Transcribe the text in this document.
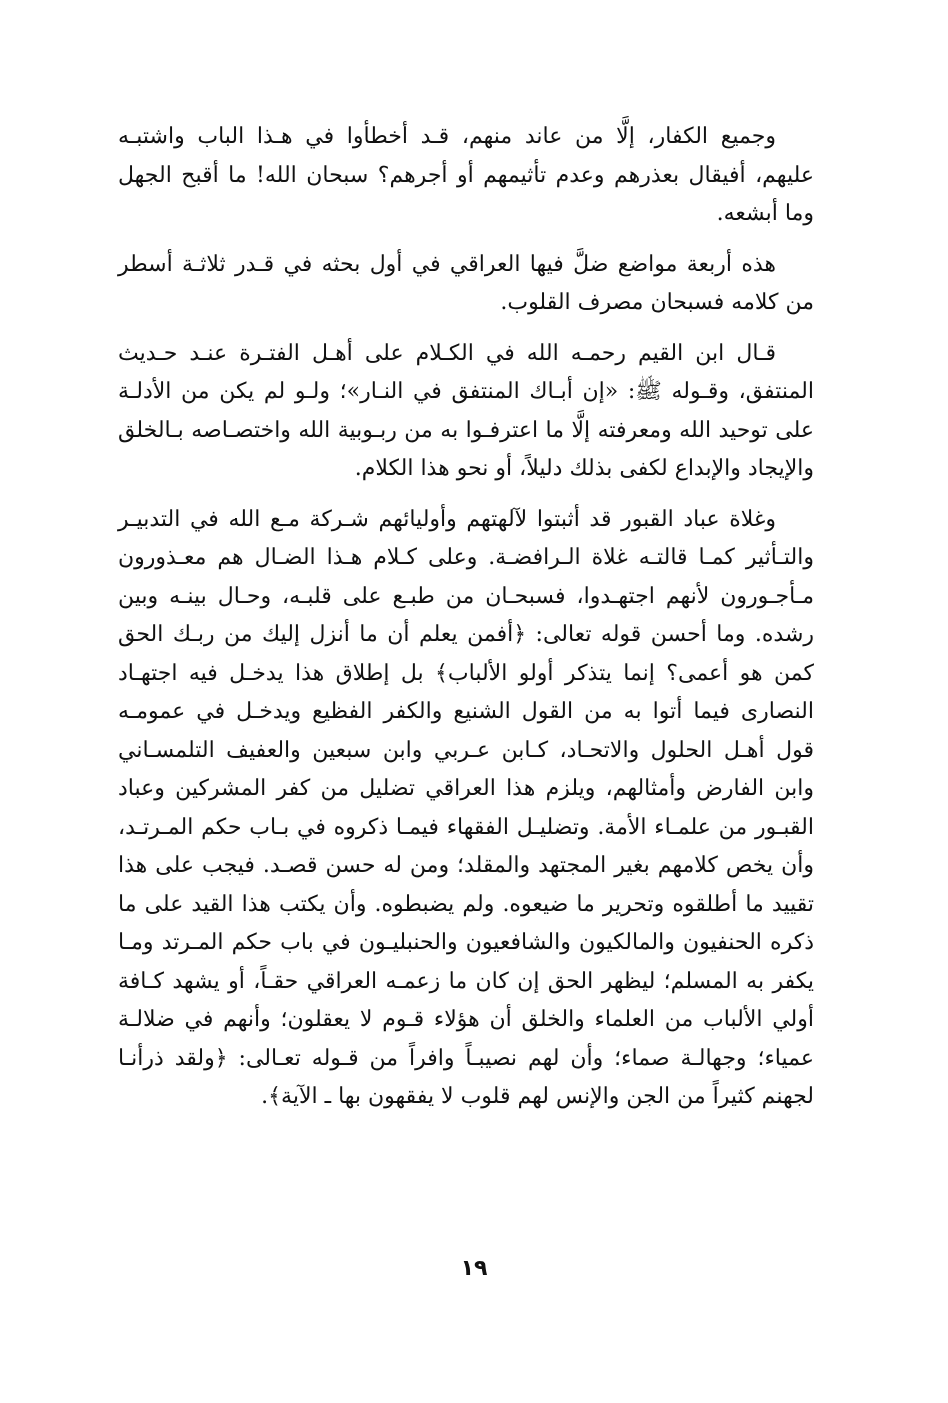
وجميع الكفار، إلَّا من عاند منهم، قـد أخطأوا في هـذا الباب واشتبـه عليهم، أفيقال بعذرهم وعدم تأثيمهم أو أجرهم؟ سبحان الله! ما أقبح الجهل وما أبشعه.

هذه أربعة مواضع ضلَّ فيها العراقي في أول بحثه في قـدر ثلاثـة أسطر من كلامه فسبحان مصرف القلوب.

قـال ابن القيم رحمـه الله في الكـلام على أهـل الفتـرة عنـد حـديث المنتفق، وقـوله ﷺ: «إن أبـاك المنتفق في النـار»؛ ولـو لم يكن من الأدلـة على توحيد الله ومعرفته إلَّا ما اعترفـوا به من ربـوبية الله واختصـاصه بـالخلق والإيجاد والإبداع لكفى بذلك دليلاً، أو نحو هذا الكلام.

وغلاة عباد القبور قد أثبتوا لآلهتهم وأوليائهم شـركة مـع الله في التدبيـر والتـأثير كمـا قالتـه غلاة الـرافضـة. وعلى كـلام هـذا الضـال هم معـذورون مـأجـورون لأنهم اجتهـدوا، فسبحـان من طبـع على قلبـه، وحـال بينـه وبين رشده. وما أحسن قوله تعالى: ﴿أفمن يعلم أن ما أنزل إليك من ربـك الحق كمن هو أعمى؟ إنما يتذكر أولو الألباب﴾ بل إطلاق هذا يدخـل فيه اجتهـاد النصارى فيما أتوا به من القول الشنيع والكفر الفظيع ويدخـل في عمومـه قول أهـل الحلول والاتحـاد، كـابن عـربي وابن سبعين والعفيف التلمسـاني وابن الفارض وأمثالهم، ويلزم هذا العراقي تضليل من كفر المشركين وعباد القبـور من علمـاء الأمة. وتضليـل الفقهاء فيمـا ذكروه في بـاب حكم المـرتـد، وأن يخص كلامهم بغير المجتهد والمقلد؛ ومن له حسن قصـد. فيجب على هذا تقييد ما أطلقوه وتحرير ما ضيعوه. ولم يضبطوه. وأن يكتب هذا القيد على ما ذكره الحنفيون والمالكيون والشافعيون والحنبليـون في باب حكم المـرتد ومـا يكفر به المسلم؛ ليظهر الحق إن كان ما زعمـه العراقي حقـاً، أو يشهد كـافة أولي الألباب من العلماء والخلق أن هؤلاء قـوم لا يعقلون؛ وأنهم في ضلالـة عمياء؛ وجهالـة صماء؛ وأن لهم نصيبـاً وافراً من قـوله تعـالى: ﴿ولقد ذرأنـا لجهنم كثيراً من الجن والإنس لهم قلوب لا يفقهون بها ـ الآية﴾.

١٩
